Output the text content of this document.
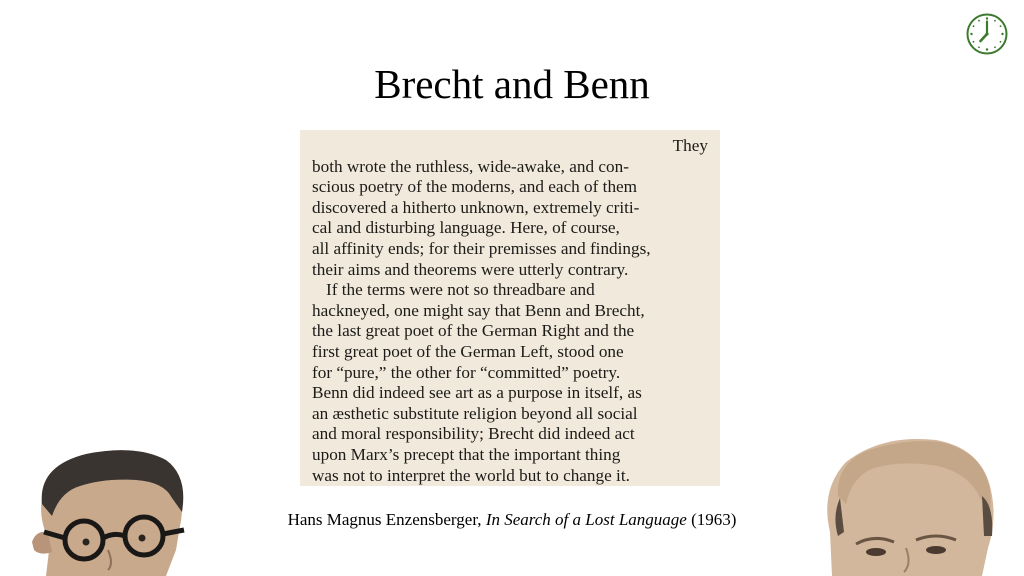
Brecht and Benn
They

both wrote the ruthless, wide-awake, and con-

scious poetry of the moderns, and each of them

discovered a hitherto unknown, extremely criti-

cal and disturbing language. Here, of course,

all affinity ends; for their premisses and findings,

their aims and theorems were utterly contrary.

If the terms were not so threadbare and

hackneyed, one might say that Benn and Brecht,

the last great poet of the German Right and the

first great poet of the German Left, stood one

for “pure,” the other for “committed” poetry.

Benn did indeed see art as a purpose in itself, as

an æsthetic substitute religion beyond all social

and moral responsibility; Brecht did indeed act

upon Marx’s precept that the important thing

was not to interpret the world but to change it.

Hans Magnus Enzensberger, In Search of a Lost Language (1963)
